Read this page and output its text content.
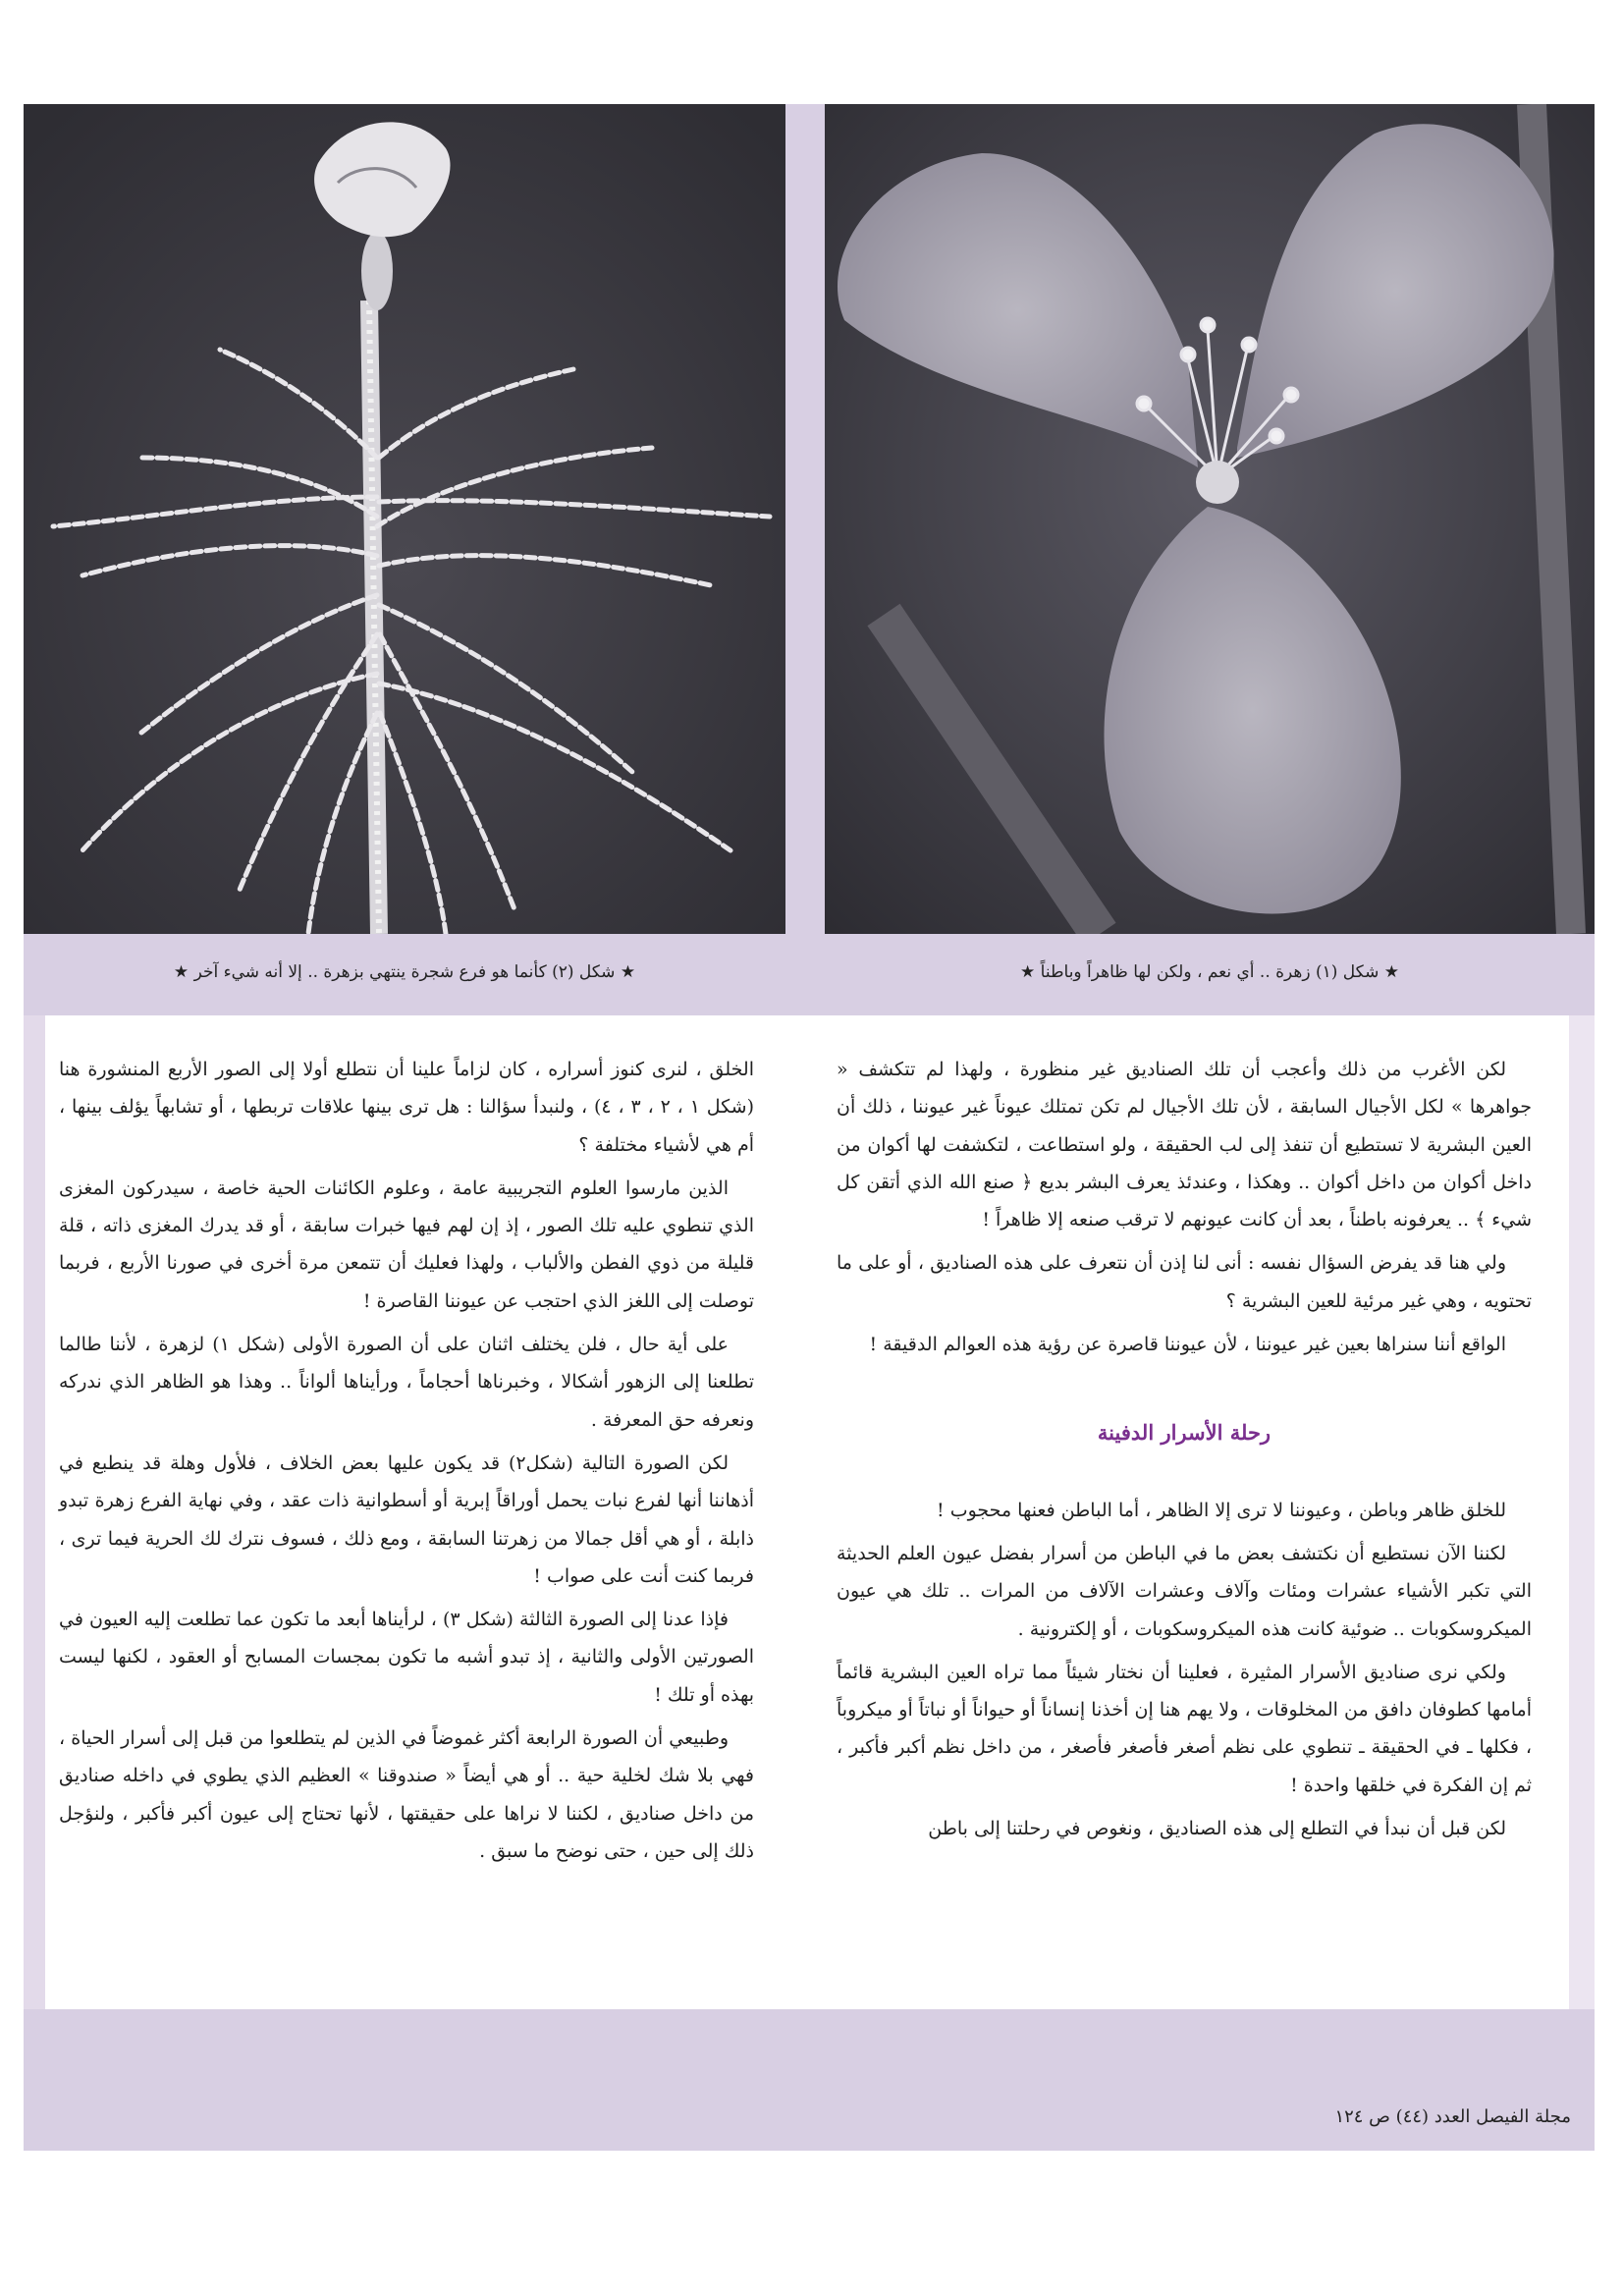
★ شكل (٢) كأنما هو فرع شجرة ينتهي بزهرة .. إلا أنه شيء آخر ★	★ شكل (١) زهرة .. أي نعم ، ولكن لها ظاهراً وباطناً ★

لكن الأغرب من ذلك وأعجب أن تلك الصناديق غير منظورة ، ولهذا لم تتكشف « جواهرها » لكل الأجيال السابقة ، لأن تلك الأجيال لم تكن تمتلك عيوناً غير عيوننا ، ذلك أن العين البشرية لا تستطيع أن تنفذ إلى لب الحقيقة ، ولو استطاعت ، لتكشفت لها أكوان من داخل أكوان من داخل أكوان .. وهكذا ، وعندئذ يعرف البشر بديع ﴿ صنع الله الذي أتقن كل شيء ﴾ .. يعرفونه باطناً ، بعد أن كانت عيونهم لا ترقب صنعه إلا ظاهراً !

ولي هنا قد يفرض السؤال نفسه : أنى لنا إذن أن نتعرف على هذه الصناديق ، أو على ما تحتويه ، وهي غير مرئية للعين البشرية ؟

الواقع أننا سنراها بعين غير عيوننا ، لأن عيوننا قاصرة عن رؤية هذه العوالم الدقيقة !

رحلة الأسرار الدفينة

للخلق ظاهر وباطن ، وعيوننا لا ترى إلا الظاهر ، أما الباطن فعنها محجوب !

لكننا الآن نستطيع أن نكتشف بعض ما في الباطن من أسرار بفضل عيون العلم الحديثة التي تكبر الأشياء عشرات ومئات وآلاف وعشرات الآلاف من المرات .. تلك هي عيون الميكروسكوبات .. ضوئية كانت هذه الميكروسكوبات ، أو إلكترونية .

ولكي نرى صناديق الأسرار المثيرة ، فعلينا أن نختار شيئاً مما تراه العين البشرية قائماً أمامها كطوفان دافق من المخلوقات ، ولا يهم هنا إن أخذنا إنساناً أو حيواناً أو نباتاً أو ميكروباً ، فكلها ـ في الحقيقة ـ تنطوي على نظم أصغر فأصغر فأصغر ، من داخل نظم أكبر فأكبر ، ثم إن الفكرة في خلقها واحدة !

لكن قبل أن نبدأ في التطلع إلى هذه الصناديق ، ونغوص في رحلتنا إلى باطن

الخلق ، لنرى كنوز أسراره ، كان لزاماً علينا أن نتطلع أولا إلى الصور الأربع المنشورة هنا (شكل ١ ، ٢ ، ٣ ، ٤) ، ولنبدأ سؤالنا : هل ترى بينها علاقات تربطها ، أو تشابهاً يؤلف بينها ، أم هي لأشياء مختلفة ؟

الذين مارسوا العلوم التجريبية عامة ، وعلوم الكائنات الحية خاصة ، سيدركون المغزى الذي تنطوي عليه تلك الصور ، إذ إن لهم فيها خبرات سابقة ، أو قد يدرك المغزى ذاته ، قلة قليلة من ذوي الفطن والألباب ، ولهذا فعليك أن تتمعن مرة أخرى في صورنا الأربع ، فربما توصلت إلى اللغز الذي احتجب عن عيوننا القاصرة !

على أية حال ، فلن يختلف اثنان على أن الصورة الأولى (شكل ١) لزهرة ، لأننا طالما تطلعنا إلى الزهور أشكالا ، وخبرناها أحجاماً ، ورأيناها ألواناً .. وهذا هو الظاهر الذي ندركه ونعرفه حق المعرفة .

لكن الصورة التالية (شكل٢) قد يكون عليها بعض الخلاف ، فلأول وهلة قد ينطبع في أذهاننا أنها لفرع نبات يحمل أوراقاً إبرية أو أسطوانية ذات عقد ، وفي نهاية الفرع زهرة تبدو ذابلة ، أو هي أقل جمالا من زهرتنا السابقة ، ومع ذلك ، فسوف نترك لك الحرية فيما ترى ، فربما كنت أنت على صواب !

فإذا عدنا إلى الصورة الثالثة (شكل ٣) ، لرأيناها أبعد ما تكون عما تطلعت إليه العيون في الصورتين الأولى والثانية ، إذ تبدو أشبه ما تكون بمجسات المسابح أو العقود ، لكنها ليست بهذه أو تلك !

وطبيعي أن الصورة الرابعة أكثر غموضاً في الذين لم يتطلعوا من قبل إلى أسرار الحياة ، فهي بلا شك لخلية حية .. أو هي أيضاً « صندوقنا » العظيم الذي يطوي في داخله صناديق من داخل صناديق ، لكننا لا نراها على حقيقتها ، لأنها تحتاج إلى عيون أكبر فأكبر ، ولنؤجل ذلك إلى حين ، حتى نوضح ما سبق .

مجلة الفيصل العدد (٤٤) ص ١٢٤
